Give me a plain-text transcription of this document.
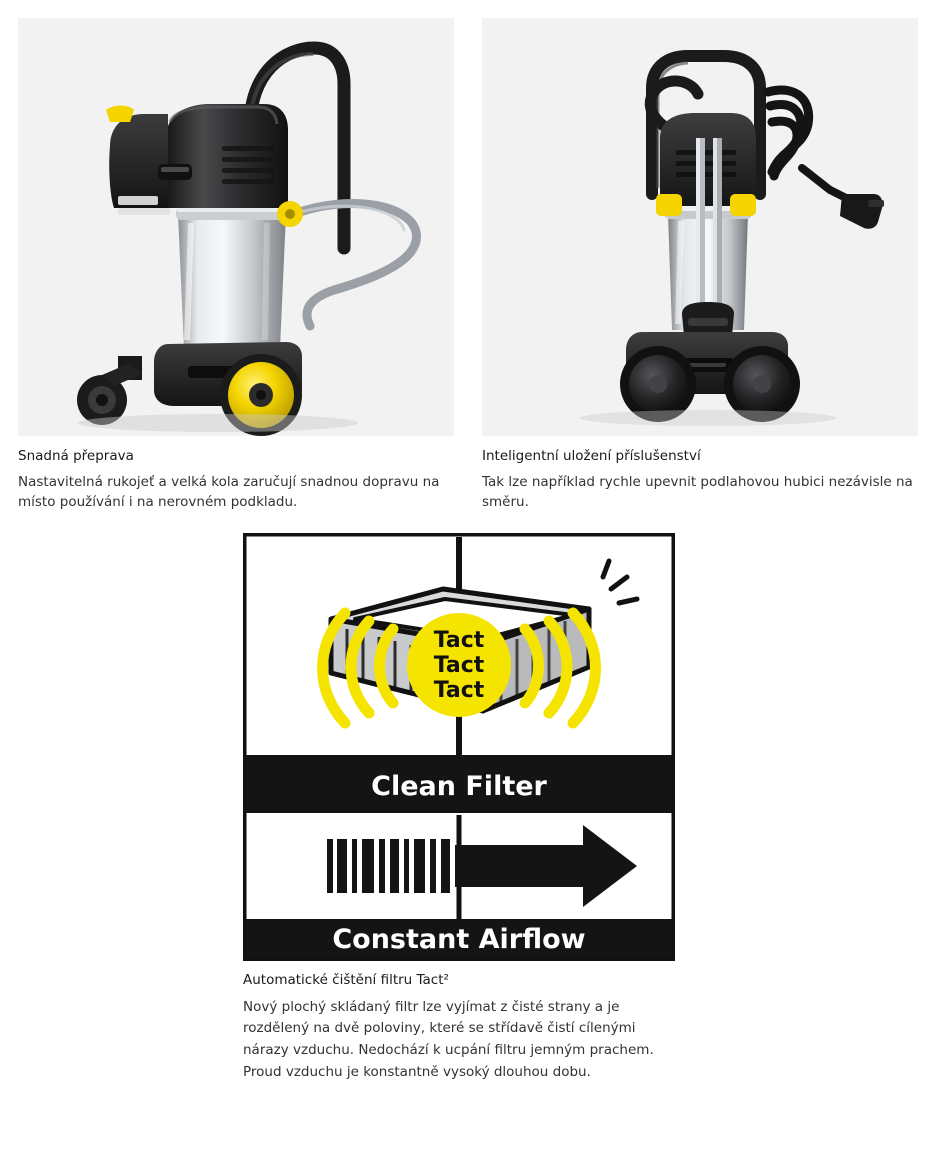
Snadná přeprava
Nastavitelná rukojeť a velká kola zaručují snadnou dopravu na místo používání i na nerovném podkladu.
Inteligentní uložení příslušenství
Tak lze například rychle upevnit podlahovou hubici nezávisle na směru.
Tact
Tact
Tact
Clean Filter
Constant Airflow
Automatické čištění filtru Tact²
Nový plochý skládaný filtr lze vyjímat z čisté strany a je rozdělený na dvě poloviny, které se střídavě čistí cílenými nárazy vzduchu. Nedochází k ucpání filtru jemným prachem. Proud vzduchu je konstantně vysoký dlouhou dobu.
